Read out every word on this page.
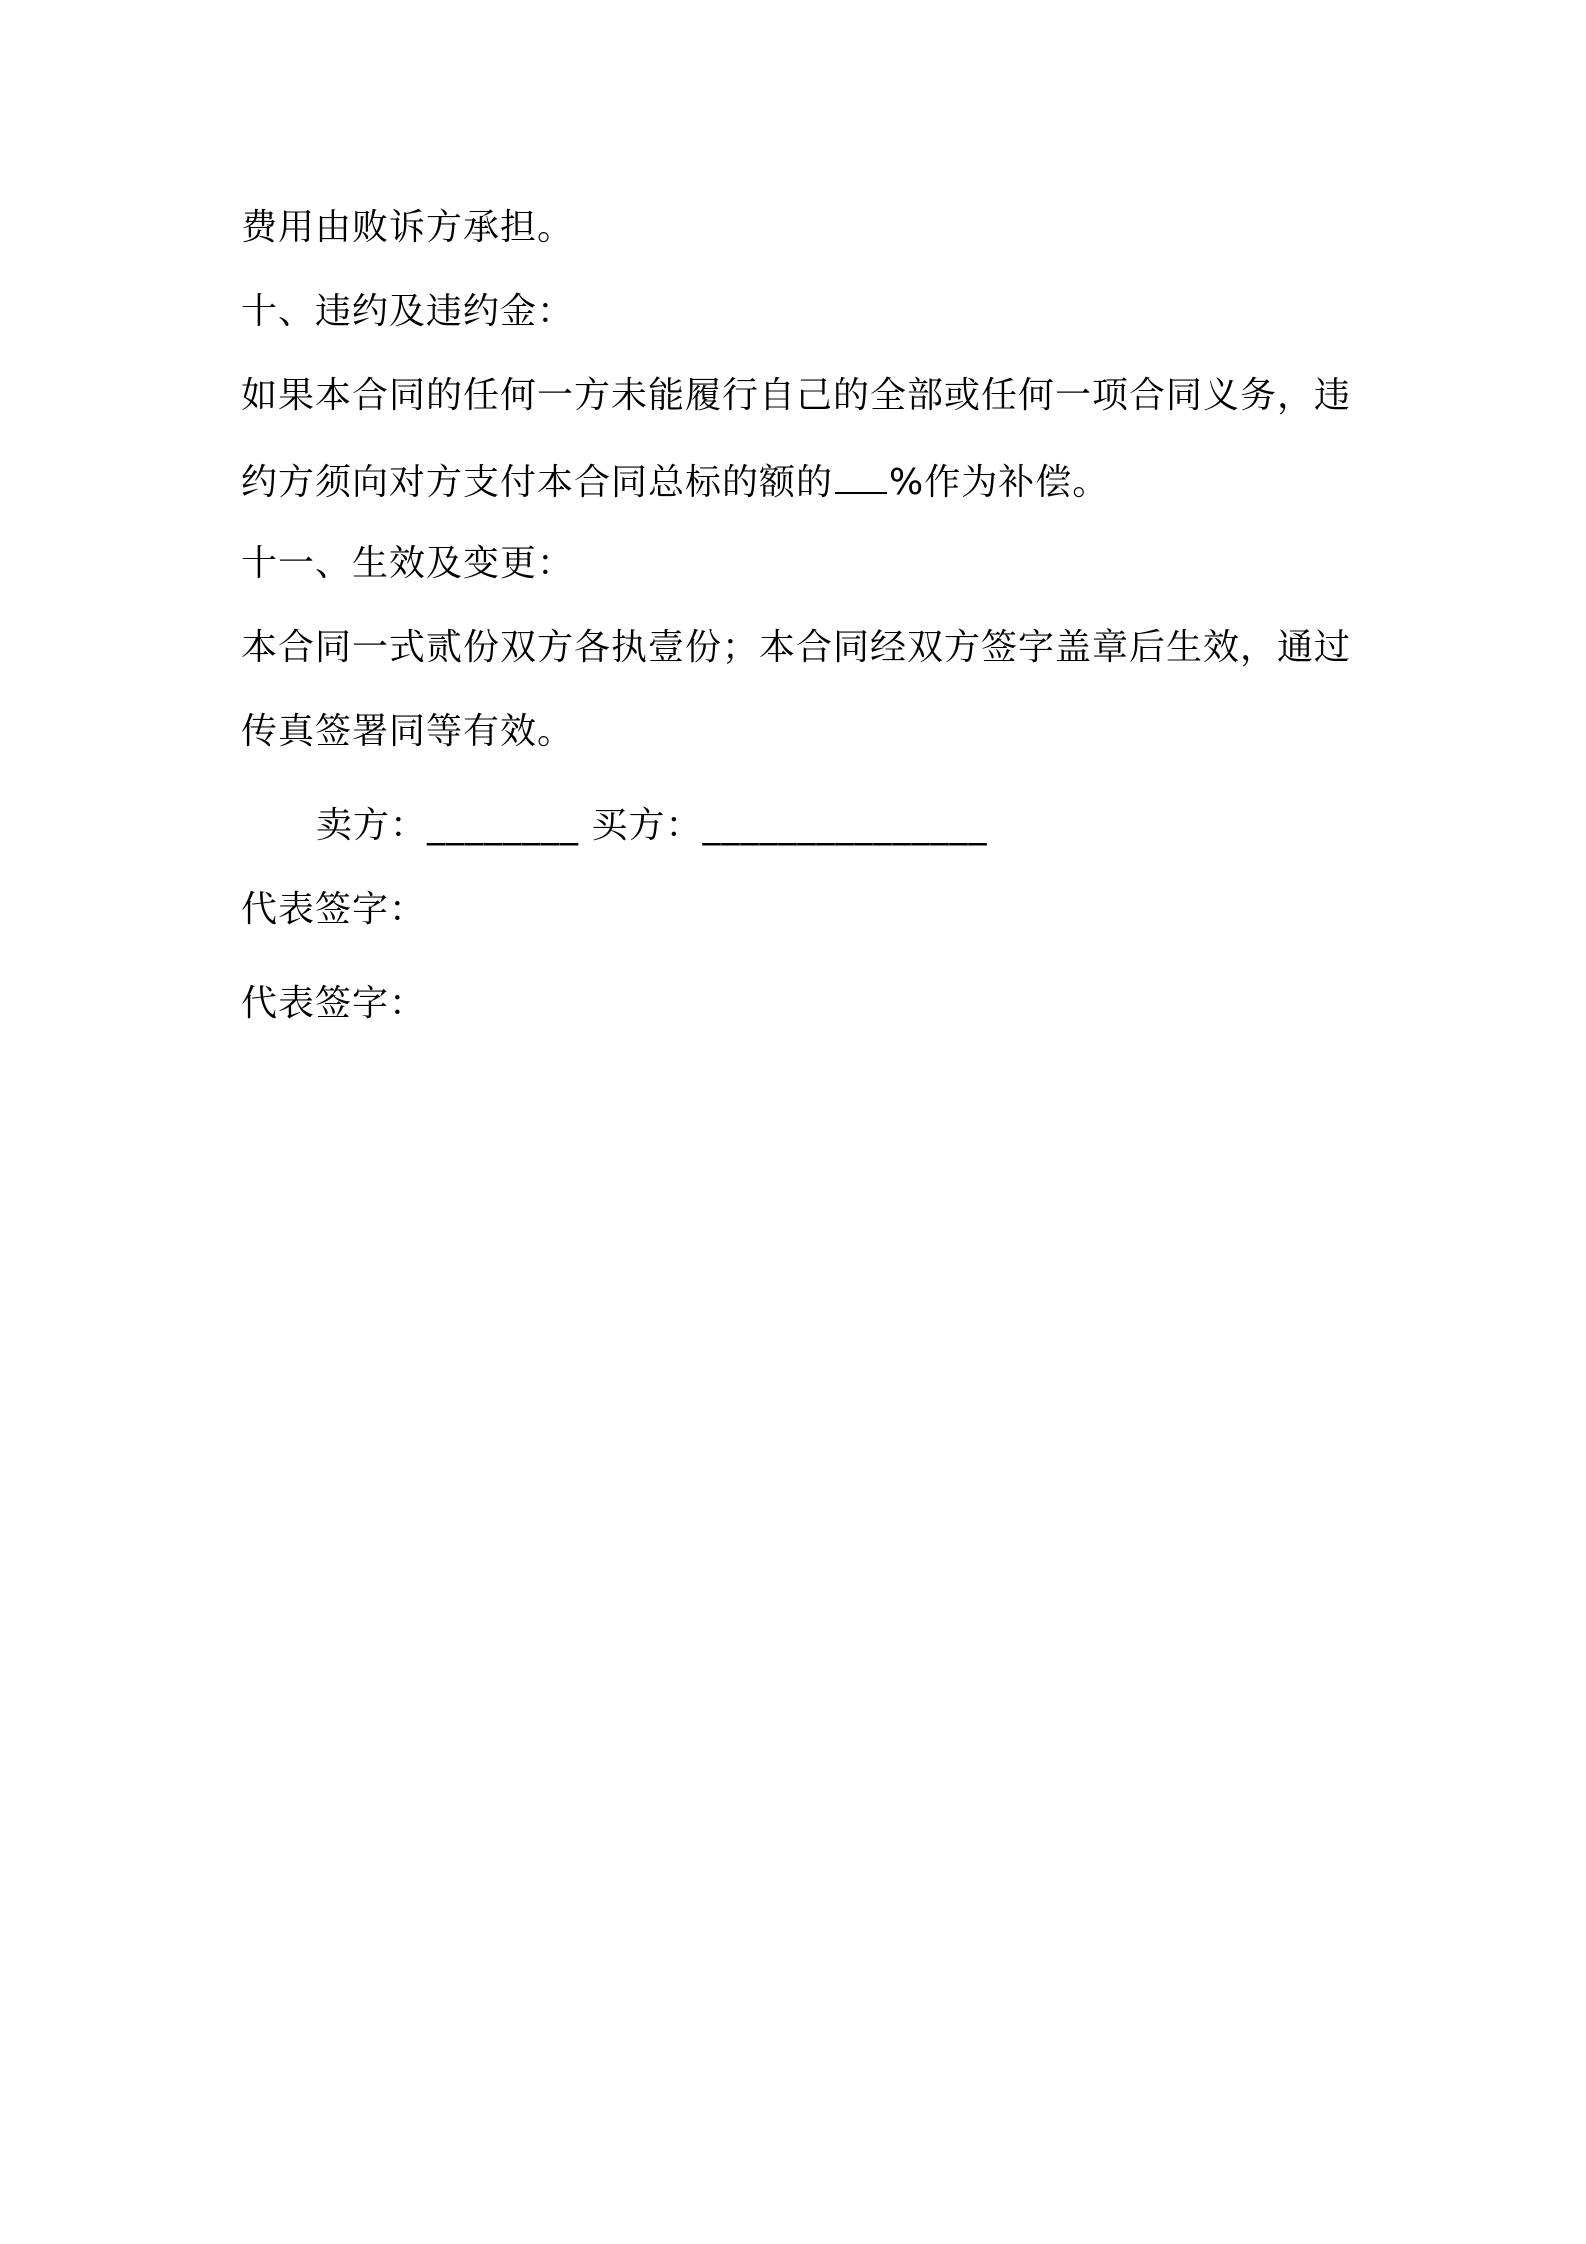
费用由败诉方承担。
十、违约及违约金：
如果本合同的任何一方未能履行自己的全部或任何一项合同义务，违
约方须向对方支付本合同总标的额的 %作为补偿。
十一、生效及变更：
本合同一式贰份双方各执壹份；本合同经双方签字盖章后生效，通过
传真签署同等有效。
卖方：________ 买方：_______________
代表签字：
代表签字：
